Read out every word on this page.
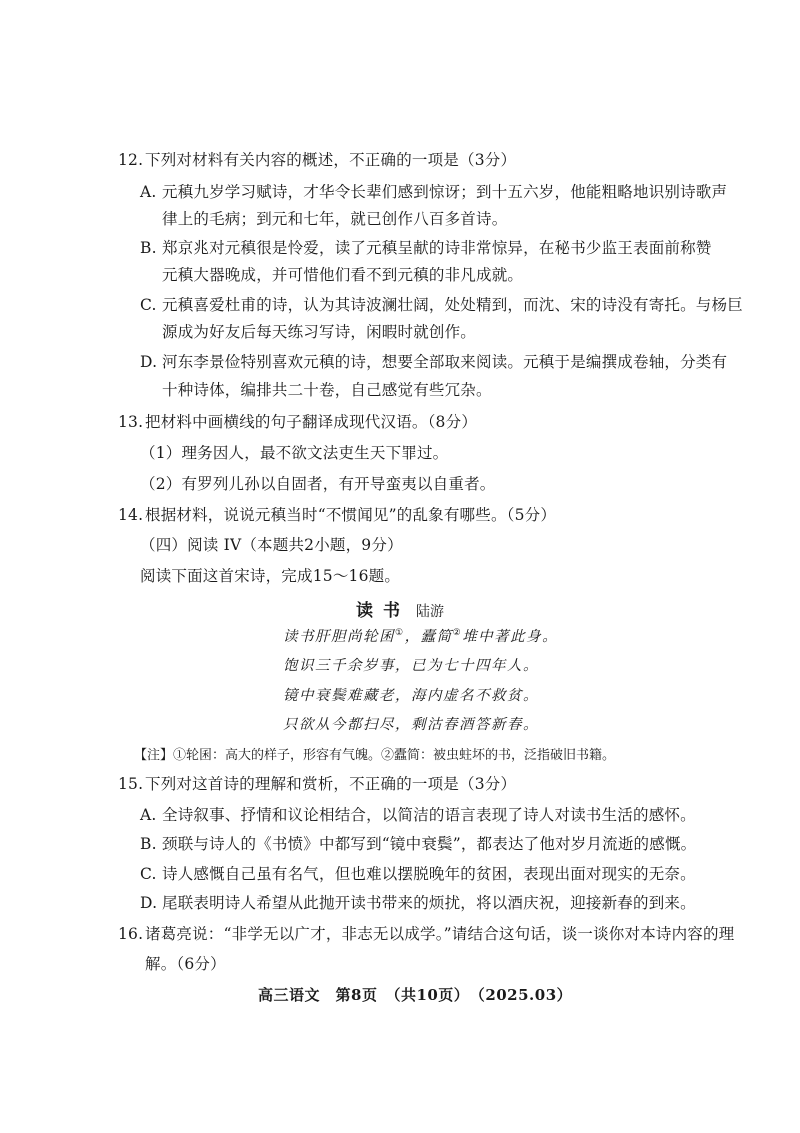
12. 下列对材料有关内容的概述，不正确的一项是（3分）
A. 元稹九岁学习赋诗，才华令长辈们感到惊讶；到十五六岁，他能粗略地识别诗歌声
律上的毛病；到元和七年，就已创作八百多首诗。
B. 郑京兆对元稹很是怜爱，读了元稹呈献的诗非常惊异，在秘书少监王表面前称赞
元稹大器晚成，并可惜他们看不到元稹的非凡成就。
C. 元稹喜爱杜甫的诗，认为其诗波澜壮阔，处处精到，而沈、宋的诗没有寄托。与杨巨
源成为好友后每天练习写诗，闲暇时就创作。
D. 河东李景俭特别喜欢元稹的诗，想要全部取来阅读。元稹于是编撰成卷轴，分类有
十种诗体，编排共二十卷，自己感觉有些冗杂。
13. 把材料中画横线的句子翻译成现代汉语。（8分）
（1）理务因人，最不欲文法吏生天下罪过。
（2）有罗列儿孙以自固者，有开导蛮夷以自重者。
14. 根据材料，说说元稹当时“不惯闻见”的乱象有哪些。（5分）
（四）阅读 IV（本题共2小题，9分）
阅读下面这首宋诗，完成15～16题。
读书 陆游
读书肝胆尚轮囷①，蠹简②堆中著此身。
饱识三千余岁事，已为七十四年人。
镜中衰鬓难藏老，海内虚名不救贫。
只欲从今都扫尽，剩沽春酒答新春。
【注】①轮囷：高大的样子，形容有气魄。②蠹简：被虫蛀坏的书，泛指破旧书籍。
15. 下列对这首诗的理解和赏析，不正确的一项是（3分）
A. 全诗叙事、抒情和议论相结合，以简洁的语言表现了诗人对读书生活的感怀。
B. 颈联与诗人的《书愤》中都写到“镜中衰鬓”，都表达了他对岁月流逝的感慨。
C. 诗人感慨自己虽有名气，但也难以摆脱晚年的贫困，表现出面对现实的无奈。
D. 尾联表明诗人希望从此抛开读书带来的烦扰，将以酒庆祝，迎接新春的到来。
16. 诸葛亮说：“非学无以广才，非志无以成学。”请结合这句话，谈一谈你对本诗内容的理
解。（6分）
高三语文　第8页　（共10页）　（2025.03）
